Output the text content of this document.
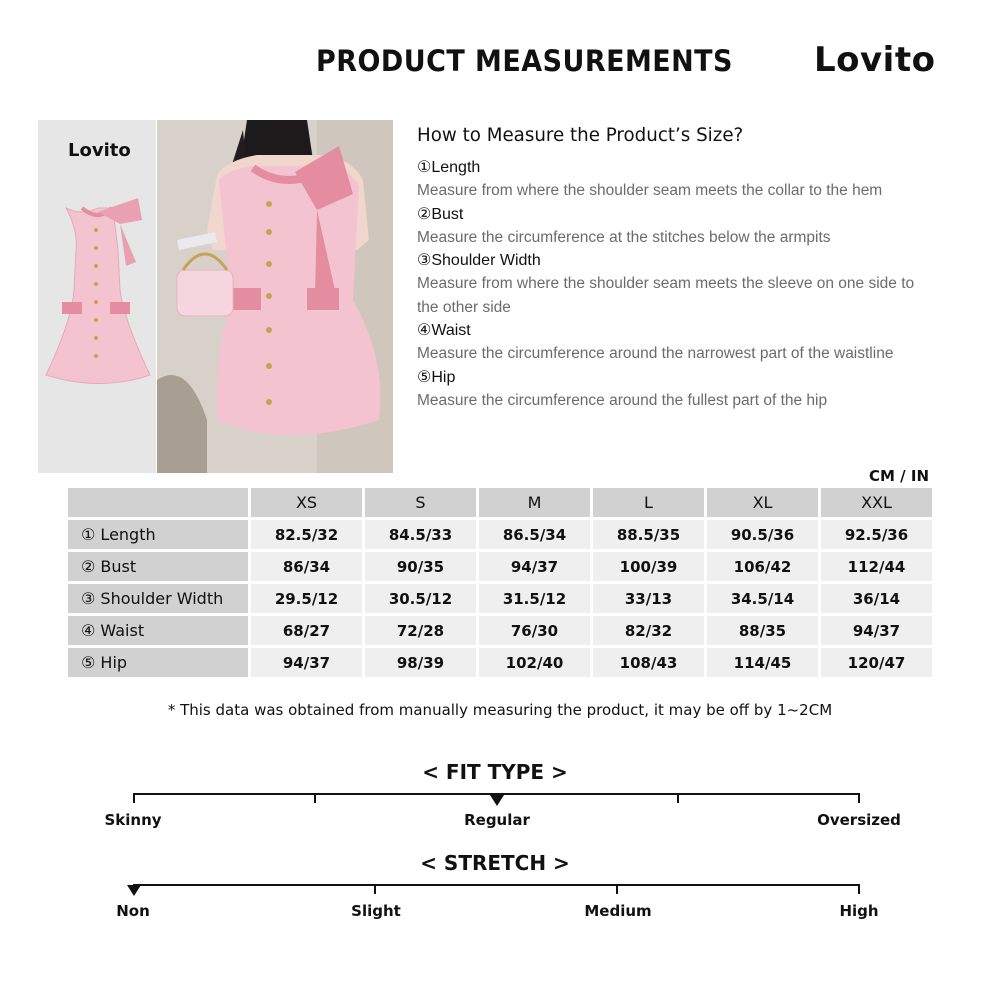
PRODUCT MEASUREMENTS Lovito
Lovito
How to Measure the Product’s Size?
①Length
Measure from where the shoulder seam meets the collar to the hem
②Bust
Measure the circumference at the stitches below the armpits
③Shoulder Width
Measure from where the shoulder seam meets the sleeve on one side to the other side
④Waist
Measure the circumference around the narrowest part of the waistline
⑤Hip
Measure the circumference around the fullest part of the hip
CM / IN
	XS	S	M	L	XL	XXL
① Length	82.5/32	84.5/33	86.5/34	88.5/35	90.5/36	92.5/36
② Bust	86/34	90/35	94/37	100/39	106/42	112/44
③ Shoulder Width	29.5/12	30.5/12	31.5/12	33/13	34.5/14	36/14
④ Waist	68/27	72/28	76/30	82/32	88/35	94/37
⑤ Hip	94/37	98/39	102/40	108/43	114/45	120/47
* This data was obtained from manually measuring the product, it may be off by 1~2CM
< FIT TYPE >
Skinny	Regular	Oversized
< STRETCH >
Non	Slight	Medium	High
